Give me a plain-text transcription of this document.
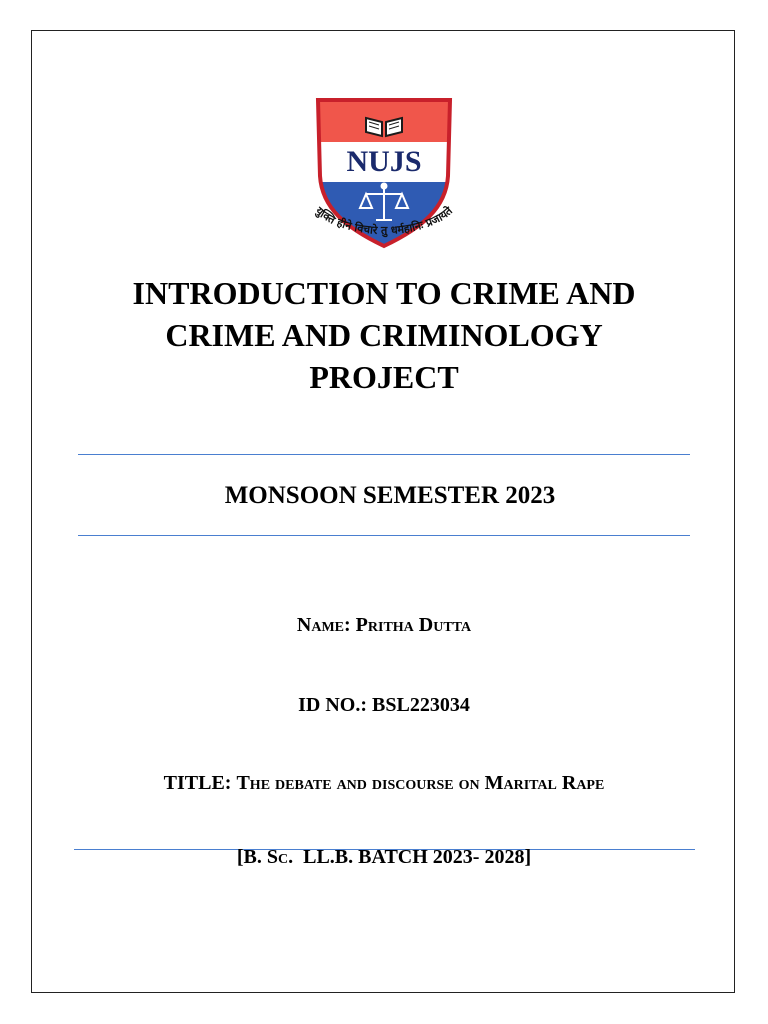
NUJS
युक्ति हीने विचारे तु धर्महानिः प्रजायते
INTRODUCTION TO CRIME AND
CRIME AND CRIMINOLOGY
PROJECT
MONSOON SEMESTER 2023
Name: Pritha Dutta
ID NO.: BSL223034
TITLE: The debate and discourse on Marital Rape
[B. Sc.  LL.B. BATCH 2023- 2028]
